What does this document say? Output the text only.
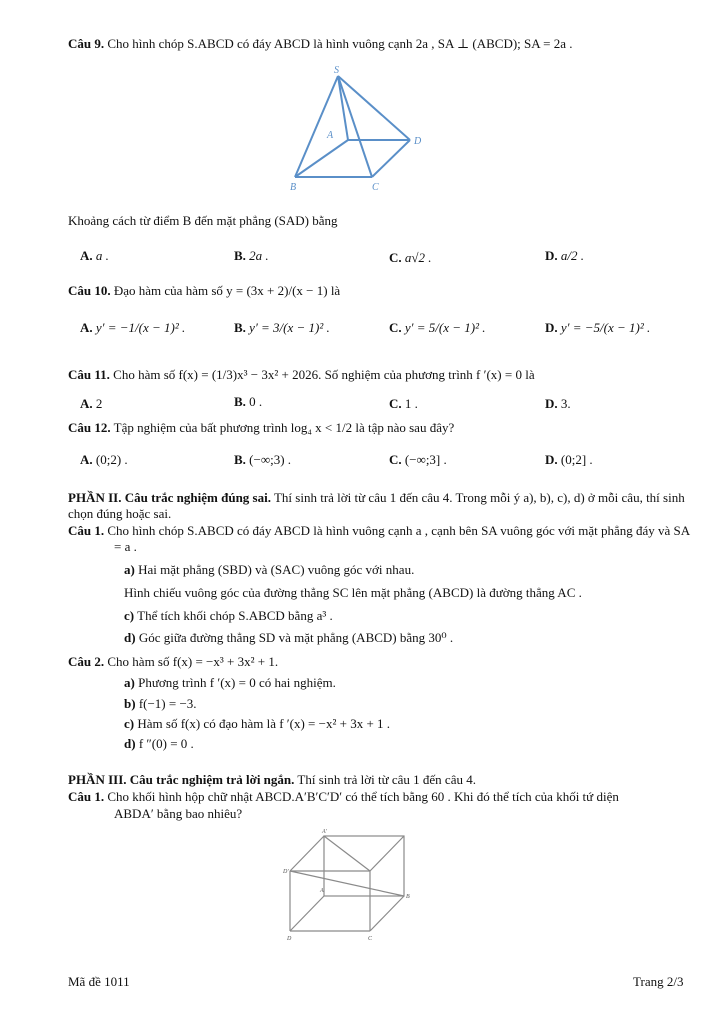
Câu 9. Cho hình chóp S.ABCD có đáy ABCD là hình vuông cạnh 2a , SA ⊥ (ABCD); SA = 2a .
S
A
B	C
D
Khoảng cách từ điểm B đến mặt phẳng (SAD) bằng
A. a .	B. 2a .	C. a√2 .	D. a/2 .
Câu 10. Đạo hàm của hàm số y = (3x + 2)/(x − 1) là
A. y′ = −1/(x − 1)² .	B. y′ = 3/(x − 1)² .	C. y′ = 5/(x − 1)² .	D. y′ = −5/(x − 1)² .
Câu 11. Cho hàm số f(x) = (1/3)x³ − 3x² + 2026. Số nghiệm của phương trình f ′(x) = 0 là
A. 2	B. 0 .	C. 1 .	D. 3.
Câu 12. Tập nghiệm của bất phương trình log₄ x < 1/2 là tập nào sau đây?
A. (0;2) .	B. (−∞;3) .	C. (−∞;3] .	D. (0;2] .
PHẦN II. Câu trắc nghiệm đúng sai. Thí sinh trả lời từ câu 1 đến câu 4. Trong mỗi ý a), b), c), d) ở mỗi câu, thí sinh chọn đúng hoặc sai.
Câu 1. Cho hình chóp S.ABCD có đáy ABCD là hình vuông cạnh a , cạnh bên SA vuông góc với mặt phẳng đáy và SA = a .
a) Hai mặt phẳng (SBD) và (SAC) vuông góc với nhau.
Hình chiếu vuông góc của đường thẳng SC lên mặt phẳng (ABCD) là đường thẳng AC .
c) Thể tích khối chóp S.ABCD bằng a³ .
d) Góc giữa đường thẳng SD và mặt phẳng (ABCD) bằng 30⁰ .
Câu 2. Cho hàm số f(x) = −x³ + 3x² + 1.
a) Phương trình f ′(x) = 0 có hai nghiệm.
b) f(−1) = −3.
c) Hàm số f(x) có đạo hàm là f ′(x) = −x² + 3x + 1 .
d) f ″(0) = 0 .
PHẦN III. Câu trắc nghiệm trả lời ngắn. Thí sinh trả lời từ câu 1 đến câu 4.
Câu 1. Cho khối hình hộp chữ nhật ABCD.A′B′C′D′ có thể tích bằng 60 . Khi đó thể tích của khối tứ diện
ABDA′ bằng bao nhiêu?
A'
D'
A
B
D	C
Mã đề 1011	Trang 2/3
